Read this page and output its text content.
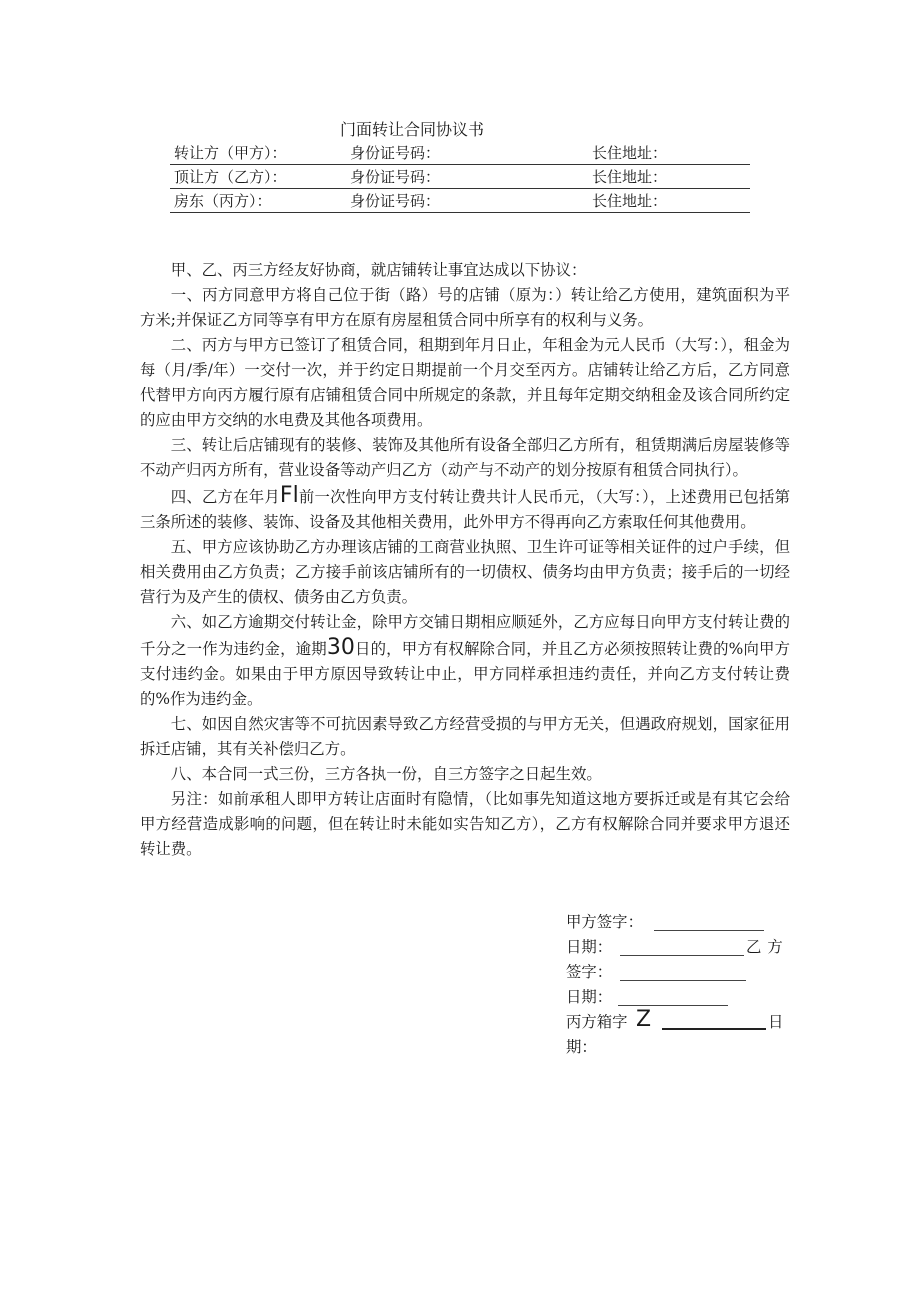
门面转让合同协议书
转让方（甲方）：	身份证号码：	长住地址：
顶让方（乙方）：	身份证号码：	长住地址：
房东（丙方）：	身份证号码：	长住地址：

甲、乙、丙三方经友好协商，就店铺转让事宜达成以下协议：

一、丙方同意甲方将自己位于街（路）号的店铺（原为：）转让给乙方使用，建筑面积为平方米;并保证乙方同等享有甲方在原有房屋租赁合同中所享有的权利与义务。

二、丙方与甲方已签订了租赁合同，租期到年月日止，年租金为元人民币（大写：），租金为每（月/季/年）一交付一次，并于约定日期提前一个月交至丙方。店铺转让给乙方后，乙方同意代替甲方向丙方履行原有店铺租赁合同中所规定的条款，并且每年定期交纳租金及该合同所约定的应由甲方交纳的水电费及其他各项费用。

三、转让后店铺现有的装修、装饰及其他所有设备全部归乙方所有，租赁期满后房屋装修等不动产归丙方所有，营业设备等动产归乙方（动产与不动产的划分按原有租赁合同执行）。

四、乙方在年月Fl前一次性向甲方支付转让费共计人民币元，（大写：），上述费用已包括第三条所述的装修、装饰、设备及其他相关费用，此外甲方不得再向乙方索取任何其他费用。

五、甲方应该协助乙方办理该店铺的工商营业执照、卫生许可证等相关证件的过户手续，但相关费用由乙方负责；乙方接手前该店铺所有的一切债权、债务均由甲方负责；接手后的一切经营行为及产生的债权、债务由乙方负责。

六、如乙方逾期交付转让金，除甲方交铺日期相应顺延外，乙方应每日向甲方支付转让费的千分之一作为违约金，逾期30日的，甲方有权解除合同，并且乙方必须按照转让费的%向甲方支付违约金。如果由于甲方原因导致转让中止，甲方同样承担违约责任，并向乙方支付转让费的%作为违约金。

七、如因自然灾害等不可抗因素导致乙方经营受损的与甲方无关，但遇政府规划，国家征用拆迁店铺，其有关补偿归乙方。

八、本合同一式三份，三方各执一份，自三方签字之日起生效。

另注：如前承租人即甲方转让店面时有隐情，（比如事先知道这地方要拆迁或是有其它会给甲方经营造成影响的问题，但在转让时未能如实告知乙方），乙方有权解除合同并要求甲方退还转让费。

甲方签字：
日期：	乙方
签字：
日期：
丙方箱字 Z	日
期：
